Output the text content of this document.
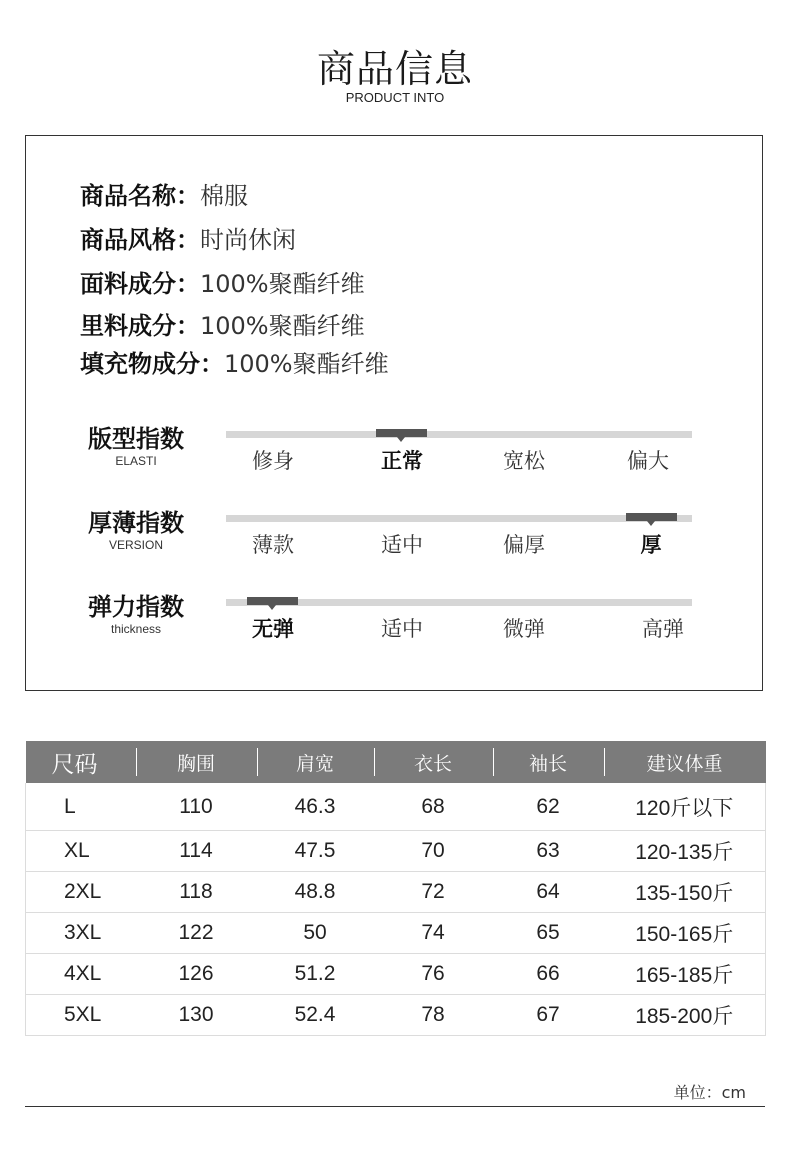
商品信息
PRODUCT INTO
商品名称：棉服
商品风格：时尚休闲
面料成分：100%聚酯纤维
里料成分：100%聚酯纤维
填充物成分：100%聚酯纤维
版型指数
ELASTI	修身	正常	宽松	偏大
厚薄指数
VERSION	薄款	适中	偏厚	厚
弹力指数
thickness	无弹	适中	微弹	高弹
尺码	胸围	肩宽	衣长	袖长	建议体重
L	110	46.3	68	62	120斤以下
XL	114	47.5	70	63	120-135斤
2XL	118	48.8	72	64	135-150斤
3XL	122	50	74	65	150-165斤
4XL	126	51.2	76	66	165-185斤
5XL	130	52.4	78	67	185-200斤
单位：cm
